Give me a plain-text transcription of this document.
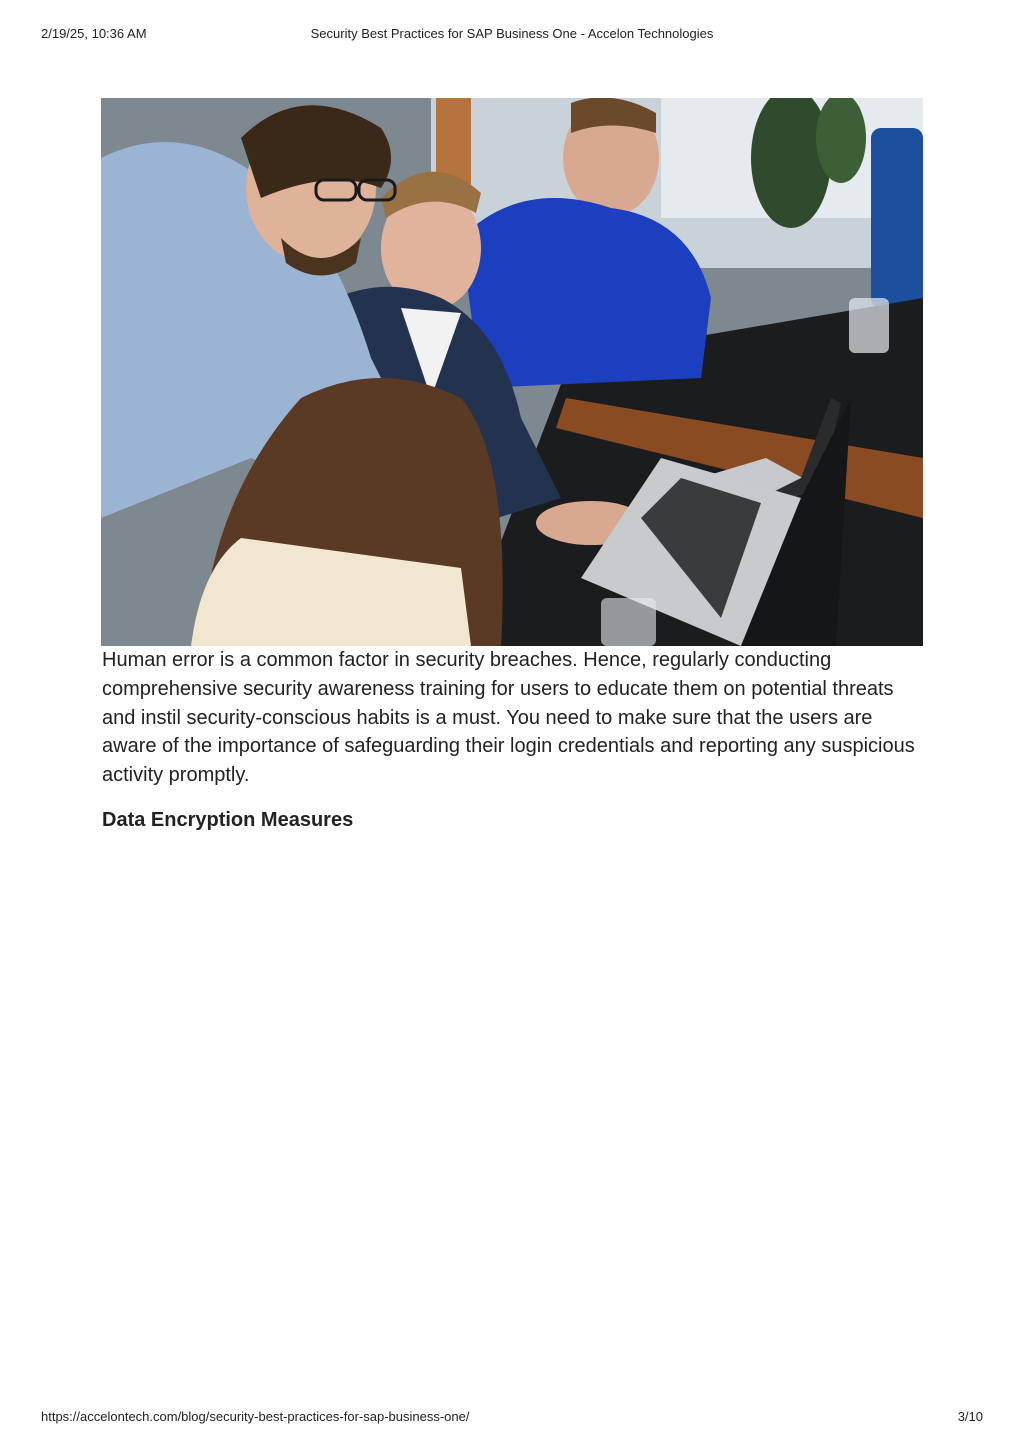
2/19/25, 10:36 AM	Security Best Practices for SAP Business One - Accelon Technologies

Human error is a common factor in security breaches. Hence, regularly conducting comprehensive security awareness training for users to educate them on potential threats and instil security-conscious habits is a must. You need to make sure that the users are aware of the importance of safeguarding their login credentials and reporting any suspicious activity promptly.

Data Encryption Measures
https://accelontech.com/blog/security-best-practices-for-sap-business-one/	3/10
